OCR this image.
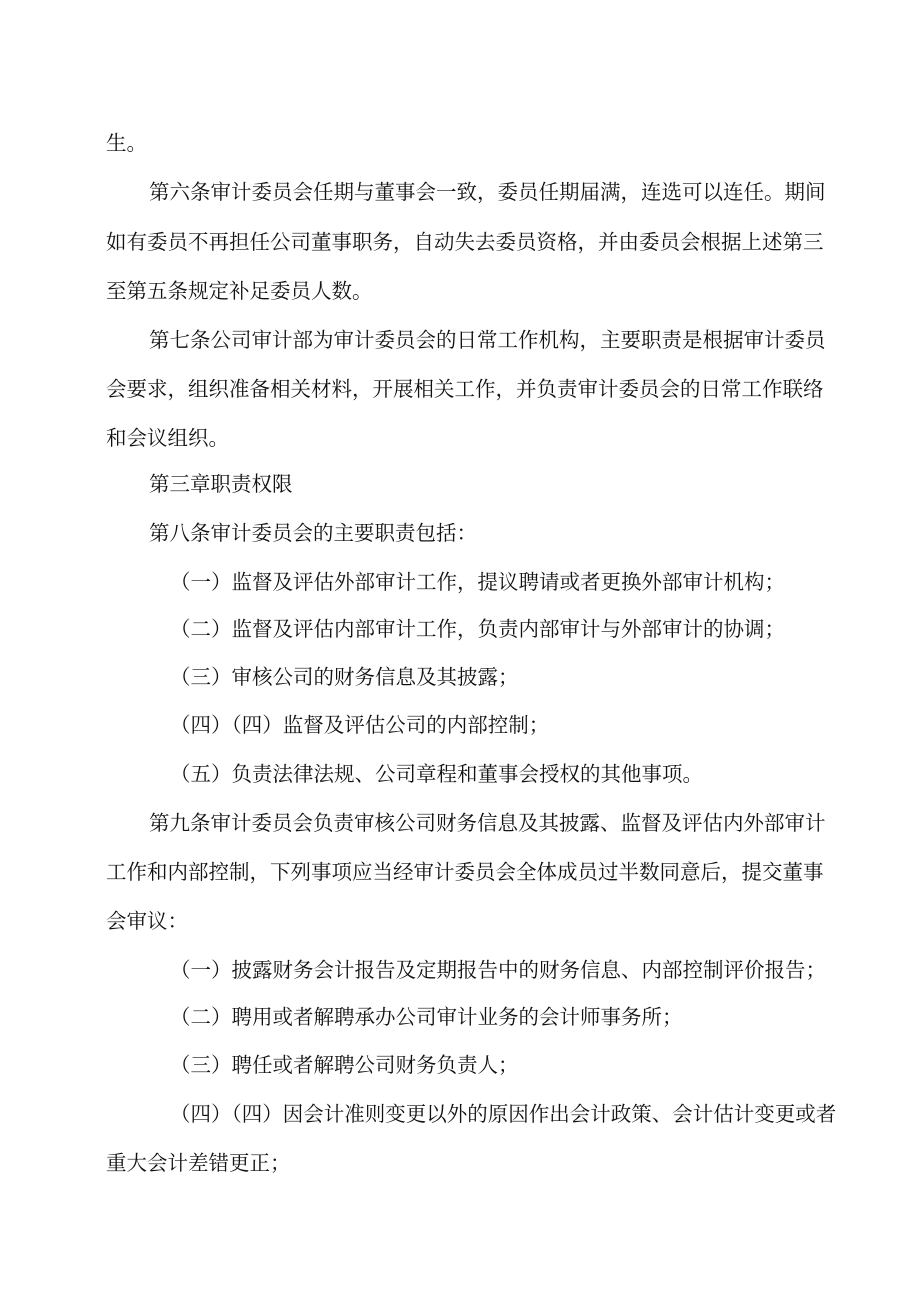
生。

第六条审计委员会任期与董事会一致，委员任期届满，连选可以连任。期间

如有委员不再担任公司董事职务，自动失去委员资格，并由委员会根据上述第三

至第五条规定补足委员人数。

第七条公司审计部为审计委员会的日常工作机构，主要职责是根据审计委员

会要求，组织准备相关材料，开展相关工作，并负责审计委员会的日常工作联络

和会议组织。

第三章职责权限

第八条审计委员会的主要职责包括：

（一）监督及评估外部审计工作，提议聘请或者更换外部审计机构；

（二）监督及评估内部审计工作，负责内部审计与外部审计的协调；

（三）审核公司的财务信息及其披露；

（四）（四）监督及评估公司的内部控制；

（五）负责法律法规、公司章程和董事会授权的其他事项。

第九条审计委员会负责审核公司财务信息及其披露、监督及评估内外部审计

工作和内部控制，下列事项应当经审计委员会全体成员过半数同意后，提交董事

会审议：

（一）披露财务会计报告及定期报告中的财务信息、内部控制评价报告；

（二）聘用或者解聘承办公司审计业务的会计师事务所；

（三）聘任或者解聘公司财务负责人；

（四）（四）因会计准则变更以外的原因作出会计政策、会计估计变更或者

重大会计差错更正；
